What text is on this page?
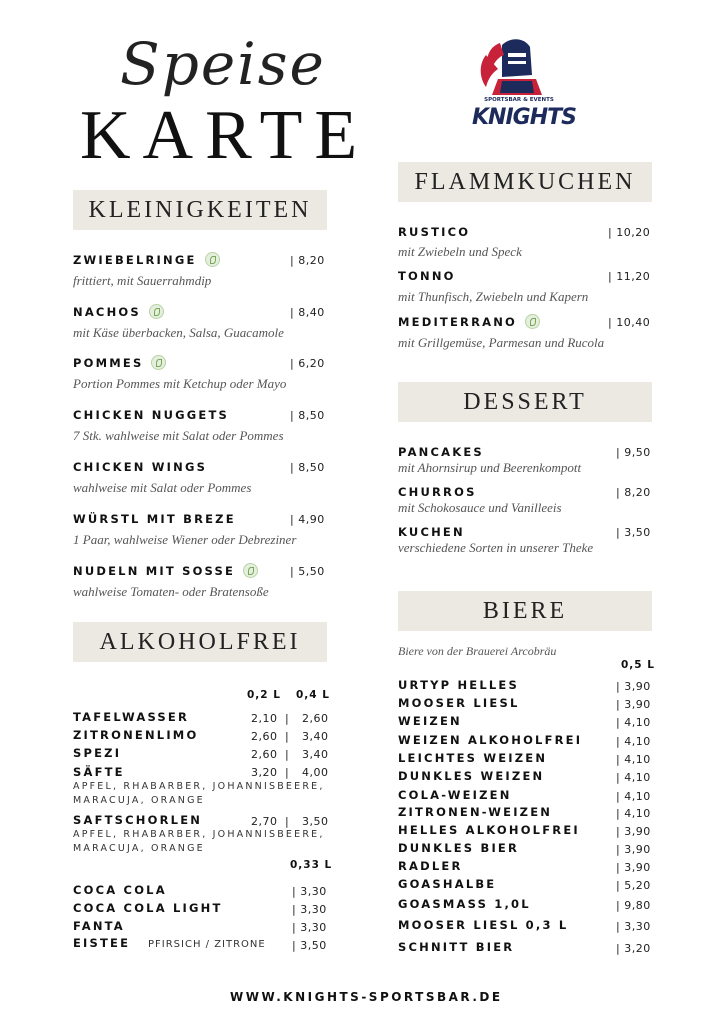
Speise
KARTE	SPORTSBAR & EVENTS
KNIGHTS
KLEINIGKEITEN
ZWIEBELRINGE	| 8,20
frittiert, mit Sauerrahmdip
NACHOS	| 8,40
mit Käse überbacken, Salsa, Guacamole
POMMES	| 6,20
Portion Pommes mit Ketchup oder Mayo
CHICKEN NUGGETS	| 8,50
7 Stk. wahlweise mit Salat oder Pommes
CHICKEN WINGS	| 8,50
wahlweise mit Salat oder Pommes
WÜRSTL MIT BREZE	| 4,90
1 Paar, wahlweise Wiener oder Debreziner
NUDELN MIT SOSSE	| 5,50
wahlweise Tomaten- oder Bratensoße
ALKOHOLFREI
0,2 L 0,4 L
TAFELWASSER	2,10 | 2,60
ZITRONENLIMO	2,60 | 3,40
SPEZI	2,60 | 3,40
SÄFTE	3,20 | 4,00
APFEL, RHABARBER, JOHANNISBEERE,
MARACUJA, ORANGE
SAFTSCHORLEN	2,70 | 3,50
APFEL, RHABARBER, JOHANNISBEERE,
MARACUJA, ORANGE
0,33 L
COCA COLA	| 3,30
COCA COLA LIGHT	| 3,30
FANTA	| 3,30
EISTEE PFIRSICH / ZITRONE | 3,50
FLAMMKUCHEN
RUSTICO	| 10,20
mit Zwiebeln und Speck
TONNO	| 11,20
mit Thunfisch, Zwiebeln und Kapern
MEDITERRANO	| 10,40
mit Grillgemüse, Parmesan und Rucola
DESSERT
PANCAKES	| 9,50
mit Ahornsirup und Beerenkompott
CHURROS	| 8,20
mit Schokosauce und Vanilleeis
KUCHEN	| 3,50
verschiedene Sorten in unserer Theke
BIERE
Biere von der Brauerei Arcobräu
0,5 L
URTYP HELLES	| 3,90
MOOSER LIESL	| 3,90
WEIZEN	| 4,10
WEIZEN ALKOHOLFREI	| 4,10
LEICHTES WEIZEN	| 4,10
DUNKLES WEIZEN	| 4,10
COLA-WEIZEN	| 4,10
ZITRONEN-WEIZEN	| 4,10
HELLES ALKOHOLFREI	| 3,90
DUNKLES BIER	| 3,90
RADLER	| 3,90
GOASHALBE	| 5,20
GOASMASS 1,0L	| 9,80
MOOSER LIESL 0,3 L	| 3,30
SCHNITT BIER	| 3,20
WWW.KNIGHTS-SPORTSBAR.DE
